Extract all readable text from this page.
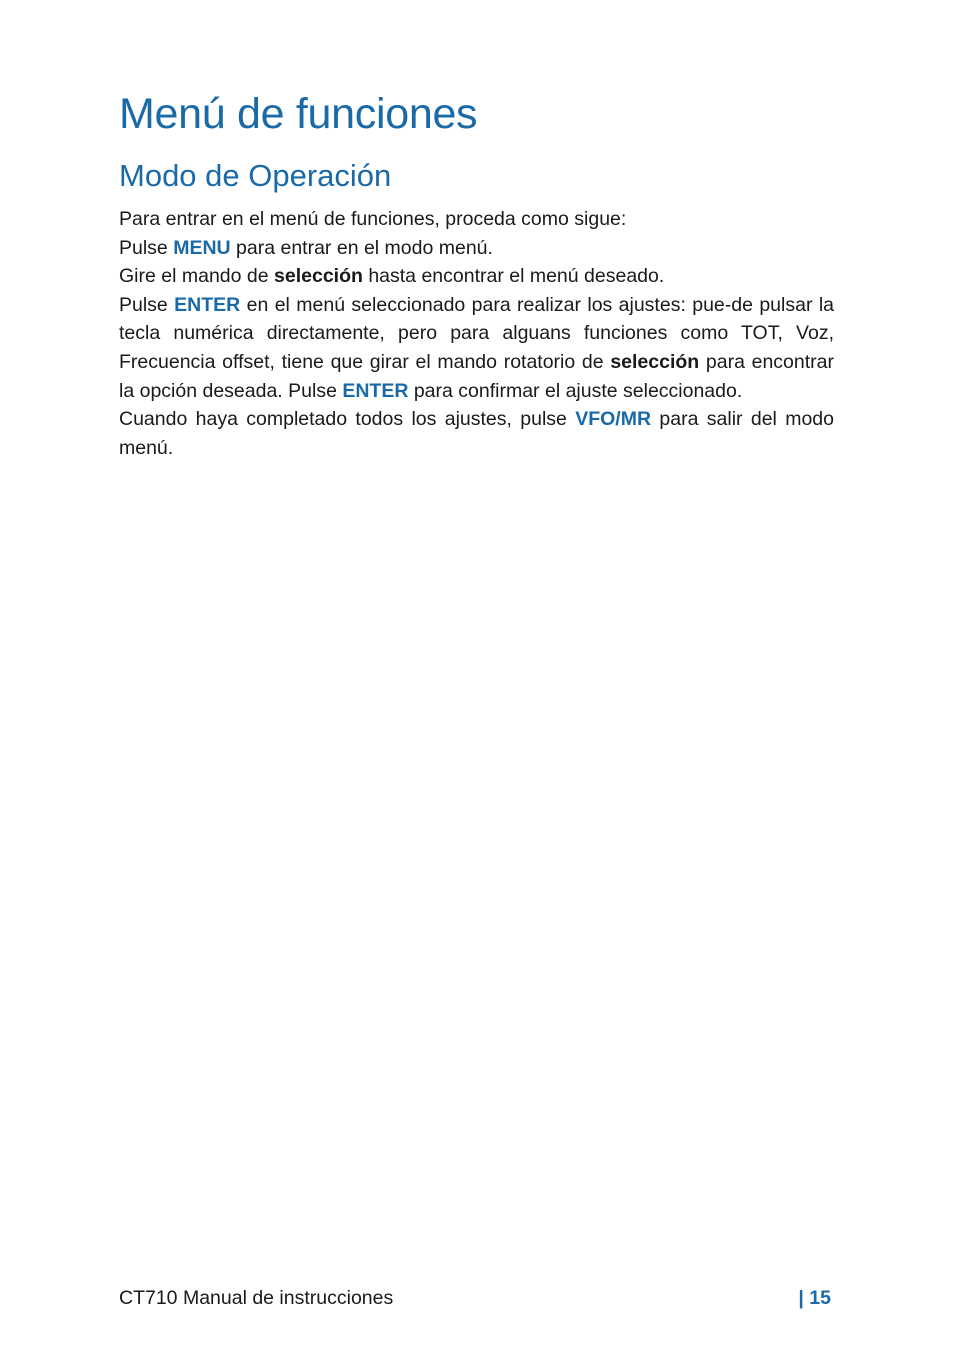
Menú de funciones
Modo de Operación

Para entrar en el menú de funciones, proceda como sigue:

Pulse MENU para entrar en el modo menú.

Gire el mando de selección hasta encontrar el menú deseado.

Pulse ENTER en el menú seleccionado para realizar los ajustes: pue-de pulsar la tecla numérica directamente, pero para alguans funciones como TOT, Voz, Frecuencia offset, tiene que girar el mando rotatorio de selección para encontrar la opción deseada. Pulse ENTER para confirmar el ajuste seleccionado.

Cuando haya completado todos los ajustes, pulse VFO/MR para salir del modo menú.

CT710 Manual de instrucciones	| 15
